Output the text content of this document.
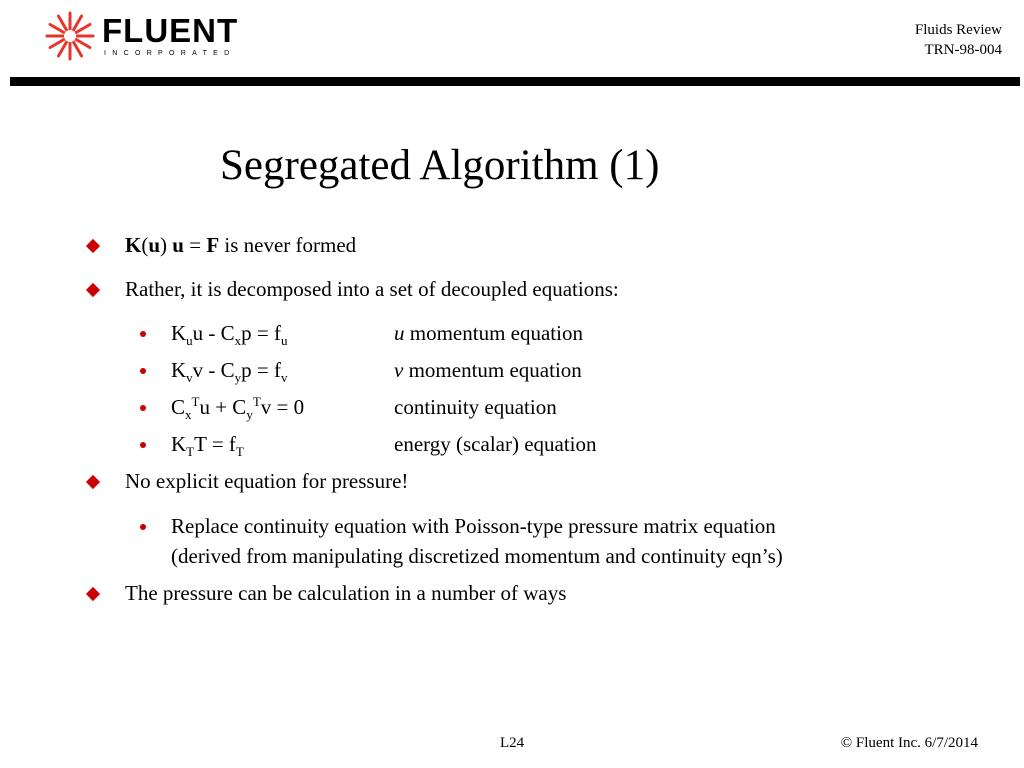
FLUENT
INCORPORATED
Fluids Review
TRN-98-004
Segregated Algorithm (1)
K(u) u = F is never formed
Rather, it is decomposed into a set of decoupled equations:
$K_uu - C_xp = f_u$	u momentum equation
$K_vv - C_yp = f_v$	v momentum equation
$C_x^Tu + C_y^Tv = 0$	continuity equation
$K_TT = f_T$	energy (scalar) equation
No explicit equation for pressure!
Replace continuity equation with Poisson-type pressure matrix equation
(derived from manipulating discretized momentum and continuity eqn’s)
The pressure can be calculation in a number of ways
L24	© Fluent Inc. 6/7/2014
